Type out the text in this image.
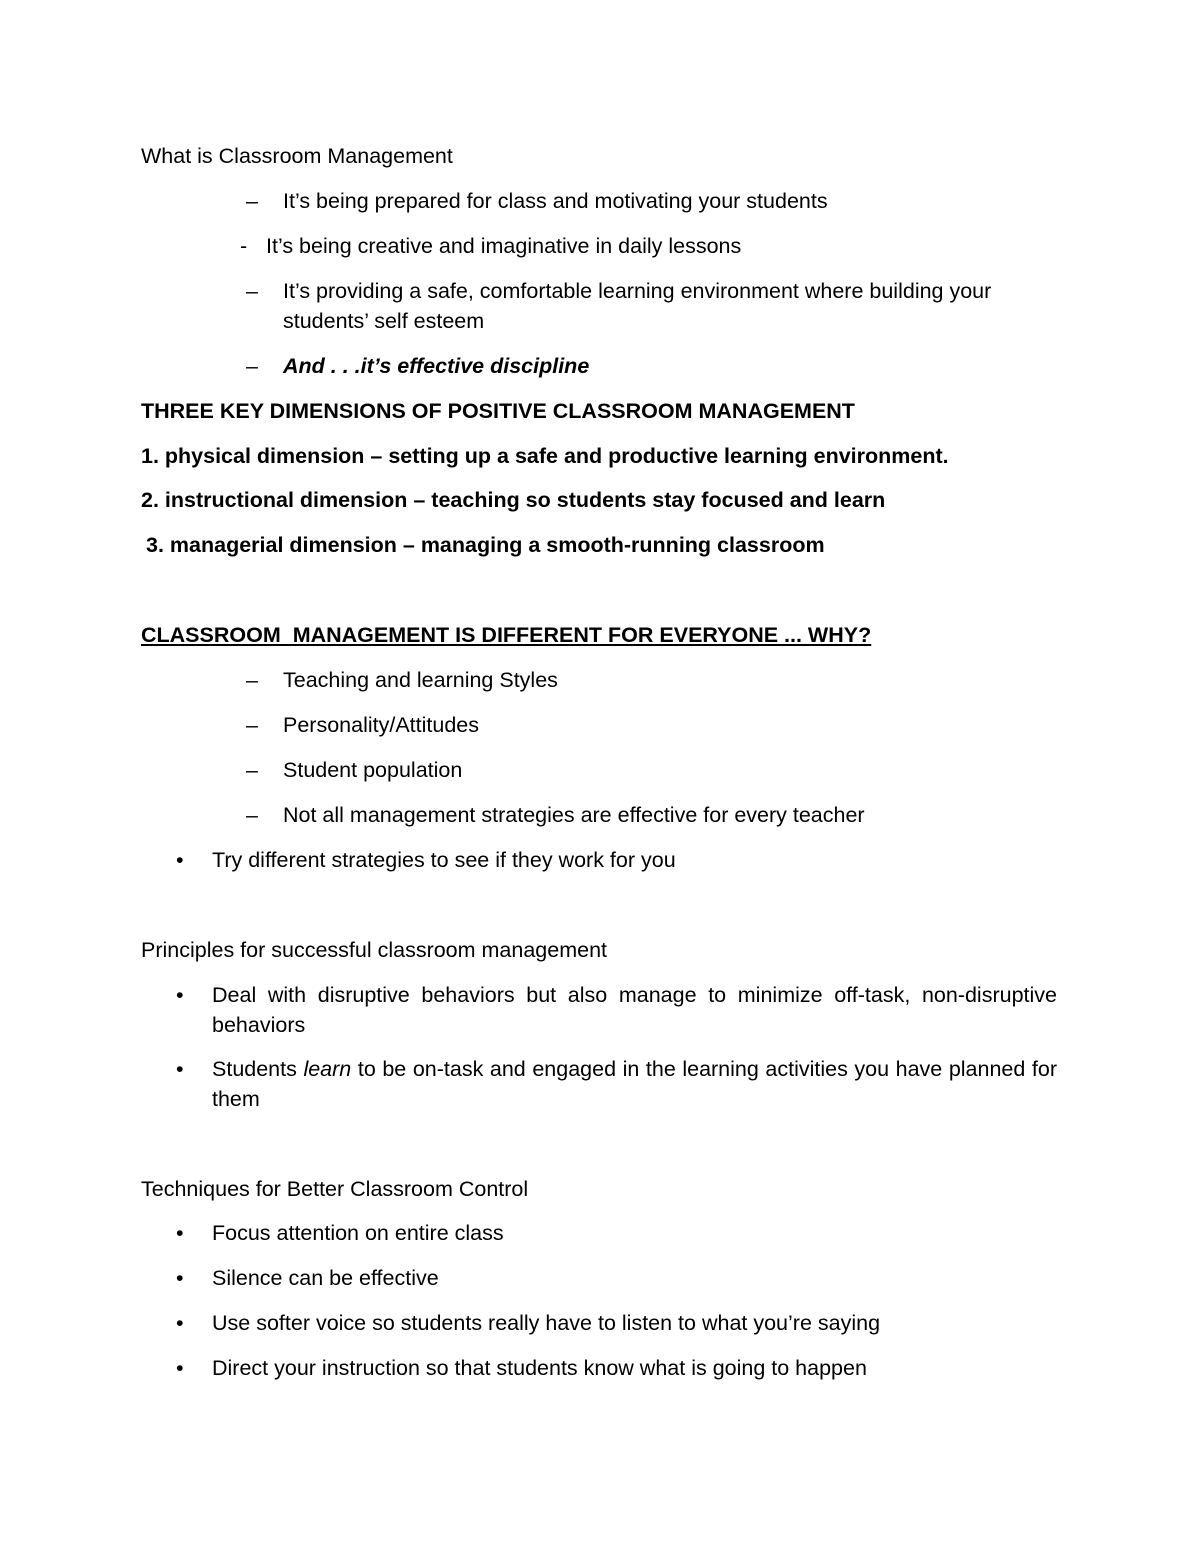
What is Classroom Management
– It’s being prepared for class and motivating your students
- It’s being creative and imaginative in daily lessons
– It’s providing a safe, comfortable learning environment where building your students’ self esteem
– And . . .it’s effective discipline
THREE KEY DIMENSIONS OF POSITIVE CLASSROOM MANAGEMENT
1. physical dimension – setting up a safe and productive learning environment.
2. instructional dimension – teaching so students stay focused and learn
3. managerial dimension – managing a smooth-running classroom
CLASSROOM  MANAGEMENT IS DIFFERENT FOR EVERYONE ... WHY?
– Teaching and learning Styles
– Personality/Attitudes
– Student population
– Not all management strategies are effective for every teacher
• Try different strategies to see if they work for you
Principles for successful classroom management
• Deal with disruptive behaviors but also manage to minimize off-task, non-disruptive behaviors
• Students learn to be on-task and engaged in the learning activities you have planned for them
Techniques for Better Classroom Control
• Focus attention on entire class
• Silence can be effective
• Use softer voice so students really have to listen to what you’re saying
• Direct your instruction so that students know what is going to happen
